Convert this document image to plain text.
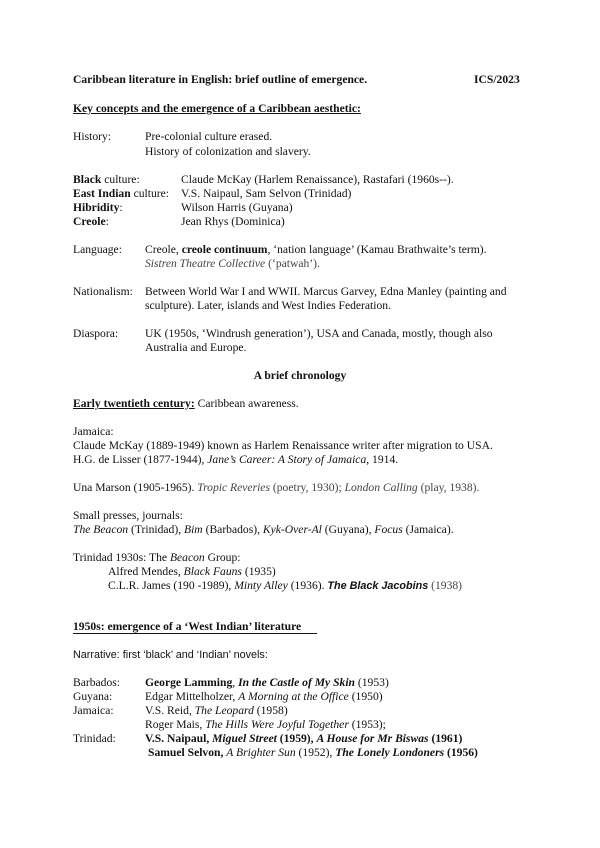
Caribbean literature in English: brief outline of emergence.	ICS/2023
Key concepts and the emergence of a Caribbean aesthetic:
History:	Pre-colonial culture erased.
History of colonization and slavery.
Black culture:	Claude McKay (Harlem Renaissance), Rastafari (1960s--).
East Indian culture: V.S. Naipaul, Sam Selvon (Trinidad)
Hibridity:	Wilson Harris (Guyana)
Creole:	Jean Rhys (Dominica)
Language: Creole, creole continuum, ‘nation language’ (Kamau Brathwaite’s term).
Sistren Theatre Collective (‘patwah’).
Nationalism: Between World War I and WWII. Marcus Garvey, Edna Manley (painting and
sculpture). Later, islands and West Indies Federation.
Diaspora: UK (1950s, ‘Windrush generation’), USA and Canada, mostly, though also
Australia and Europe.
A brief chronology
Early twentieth century: Caribbean awareness.
Jamaica:
Claude McKay (1889-1949) known as Harlem Renaissance writer after migration to USA.
H.G. de Lisser (1877-1944), Jane’s Career: A Story of Jamaica, 1914.
Una Marson (1905-1965). Tropic Reveries (poetry, 1930); London Calling (play, 1938).
Small presses, journals:
The Beacon (Trinidad), Bim (Barbados), Kyk-Over-Al (Guyana), Focus (Jamaica).
Trinidad 1930s: The Beacon Group:
Alfred Mendes, Black Fauns (1935)
C.L.R. James (190 -1989), Minty Alley (1936). The Black Jacobins (1938)
1950s: emergence of a ‘West Indian’ literature
Narrative: first ‘black’ and ‘Indian’ novels:
Barbados: George Lamming, In the Castle of My Skin (1953)
Guyana:	Edgar Mittelholzer, A Morning at the Office (1950)
Jamaica:	V.S. Reid, The Leopard (1958)
Roger Mais, The Hills Were Joyful Together (1953);
Trinidad:	V.S. Naipaul, Miguel Street (1959), A House for Mr Biswas (1961)
Samuel Selvon, A Brighter Sun (1952), The Lonely Londoners (1956)
